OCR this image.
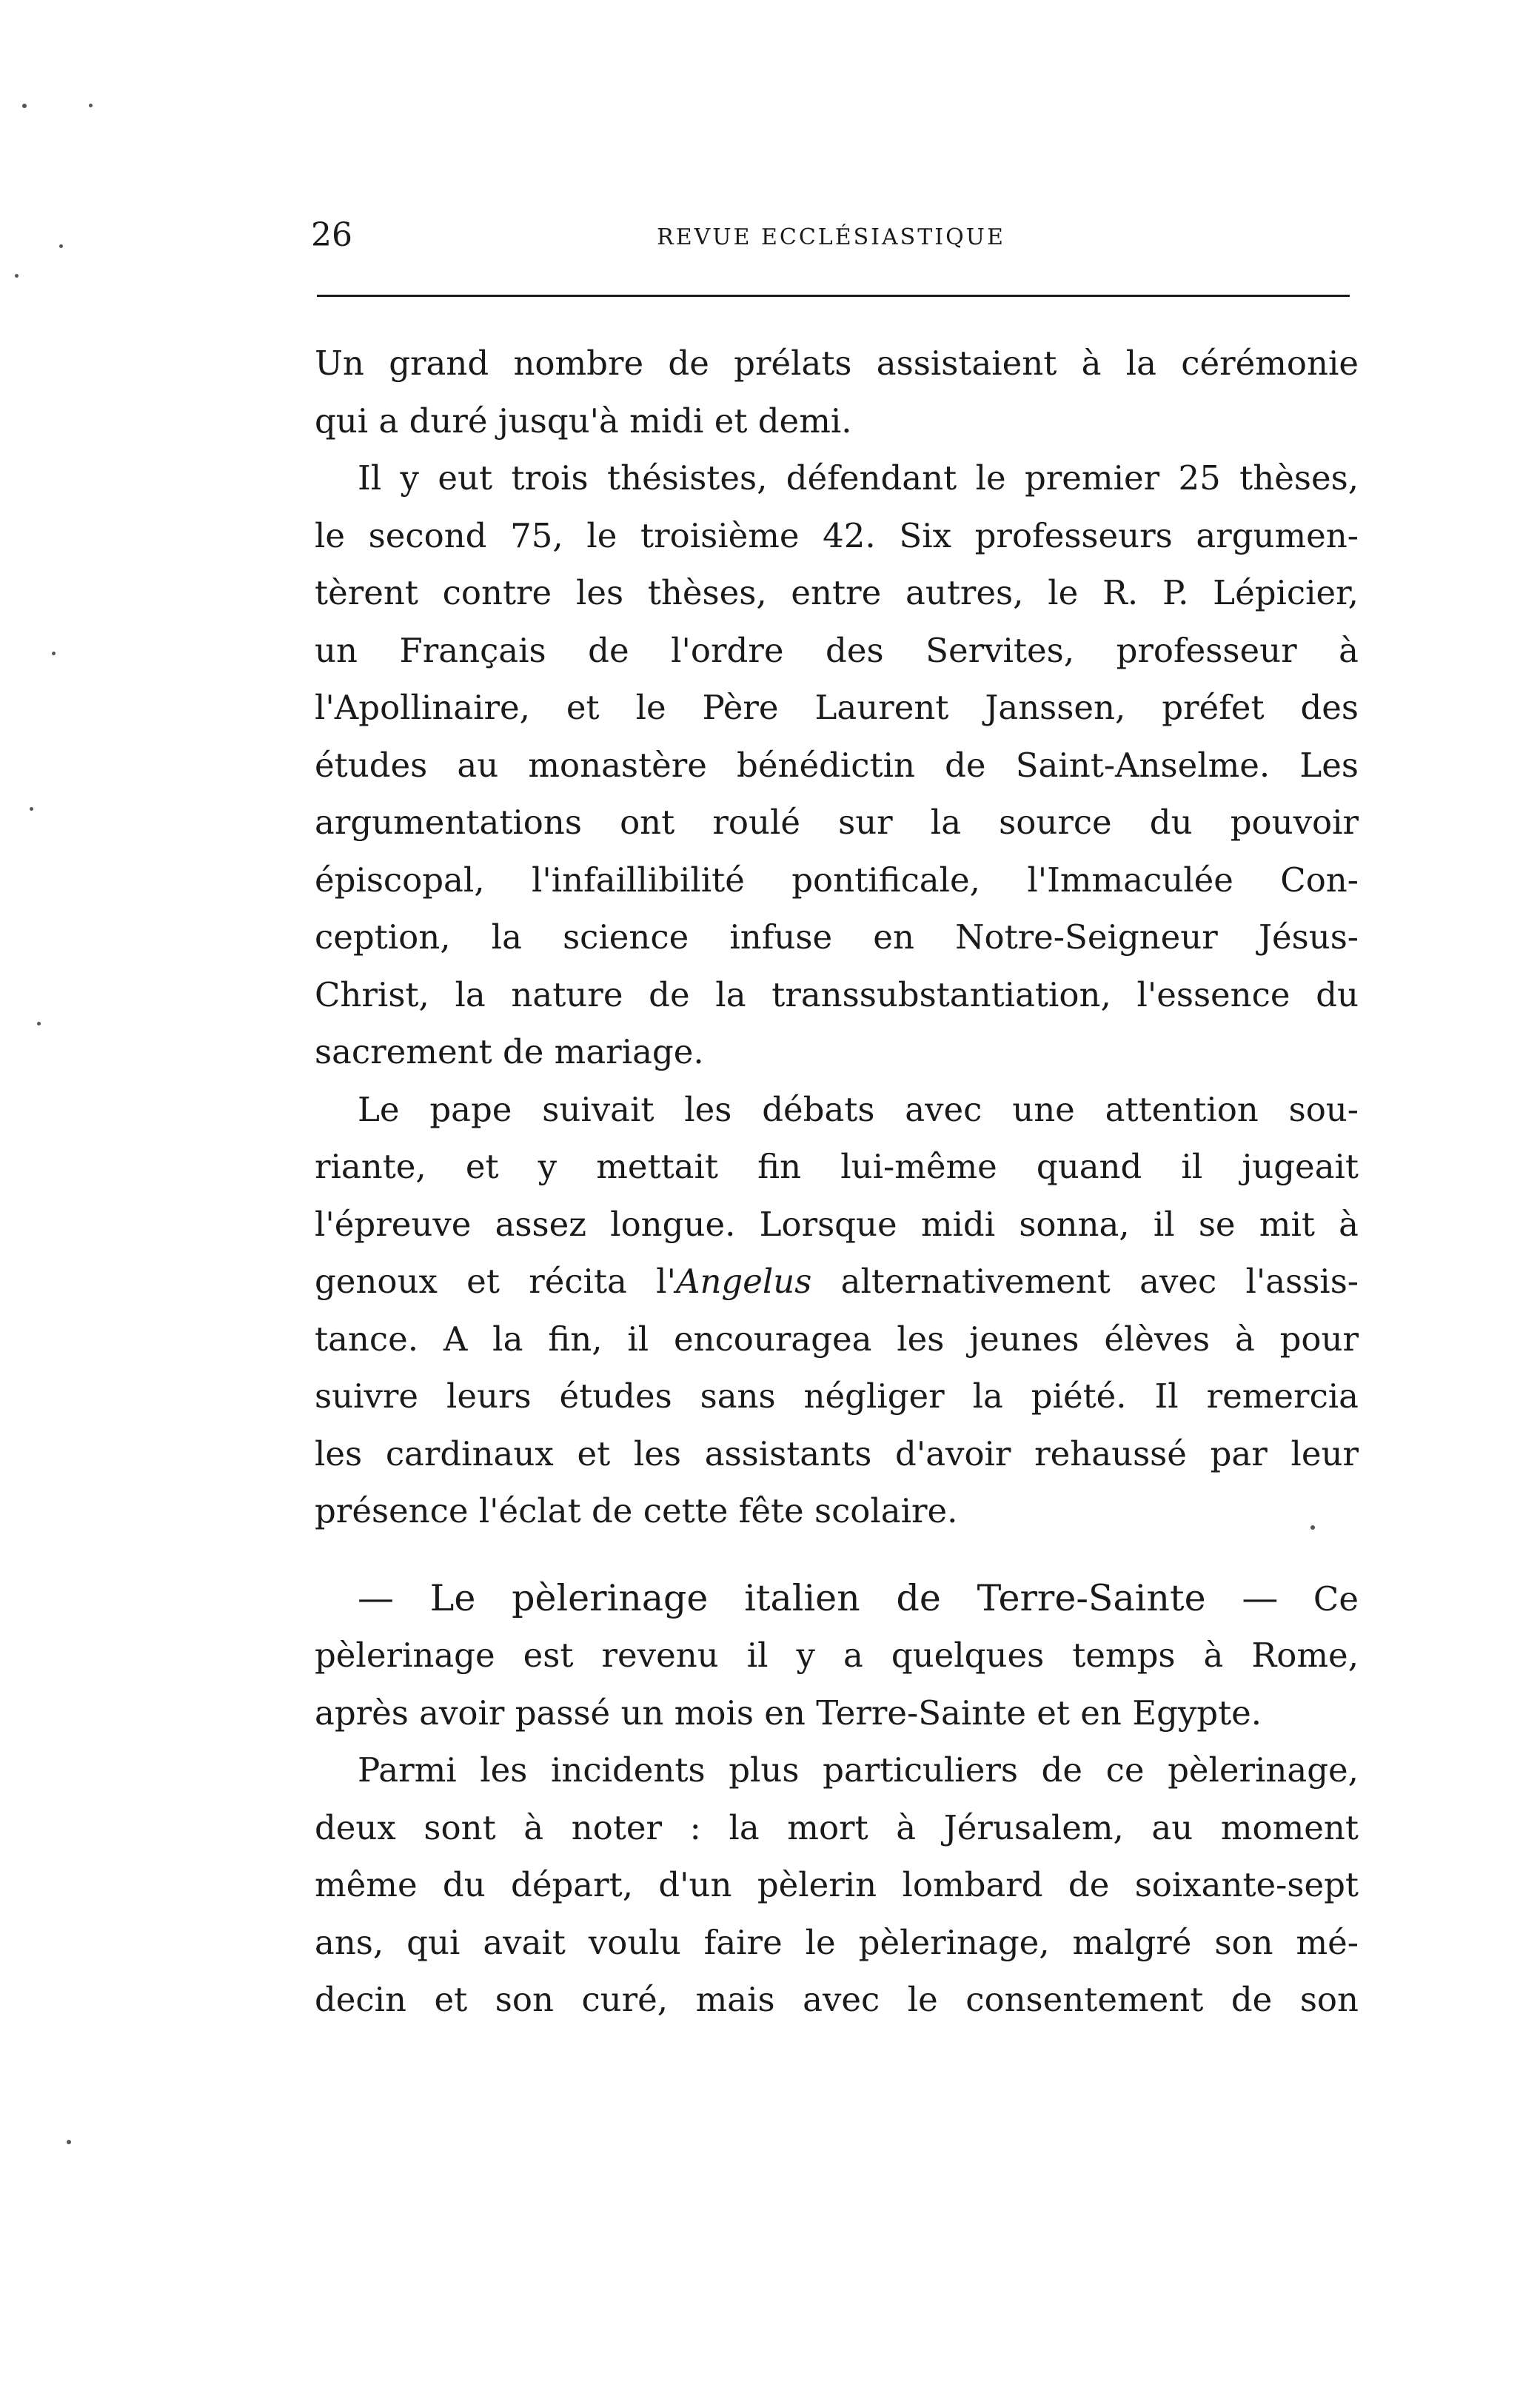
26	REVUE ECCLÉSIASTIQUE
Un grand nombre de prélats assistaient à la cérémonie
qui a duré jusqu'à midi et demi.
Il y eut trois thésistes, défendant le premier 25 thèses,
le second 75, le troisième 42. Six professeurs argumen-
tèrent contre les thèses, entre autres, le R. P. Lépicier,
un Français de l'ordre des Servites, professeur à
l'Apollinaire, et le Père Laurent Janssen, préfet des
études au monastère bénédictin de Saint-Anselme. Les
argumentations ont roulé sur la source du pouvoir
épiscopal, l'infaillibilité pontificale, l'Immaculée Con-
ception, la science infuse en Notre-Seigneur Jésus-
Christ, la nature de la transsubstantiation, l'essence du
sacrement de mariage.
Le pape suivait les débats avec une attention sou-
riante, et y mettait fin lui-même quand il jugeait
l'épreuve assez longue. Lorsque midi sonna, il se mit à
genoux et récita l'Angelus alternativement avec l'assis-
tance. A la fin, il encouragea les jeunes élèves à pour
suivre leurs études sans négliger la piété. Il remercia
les cardinaux et les assistants d'avoir rehaussé par leur
présence l'éclat de cette fête scolaire.
— Le pèlerinage italien de Terre-Sainte — Ce
pèlerinage est revenu il y a quelques temps à Rome,
après avoir passé un mois en Terre-Sainte et en Egypte.
Parmi les incidents plus particuliers de ce pèlerinage,
deux sont à noter : la mort à Jérusalem, au moment
même du départ, d'un pèlerin lombard de soixante-sept
ans, qui avait voulu faire le pèlerinage, malgré son mé-
decin et son curé, mais avec le consentement de son
